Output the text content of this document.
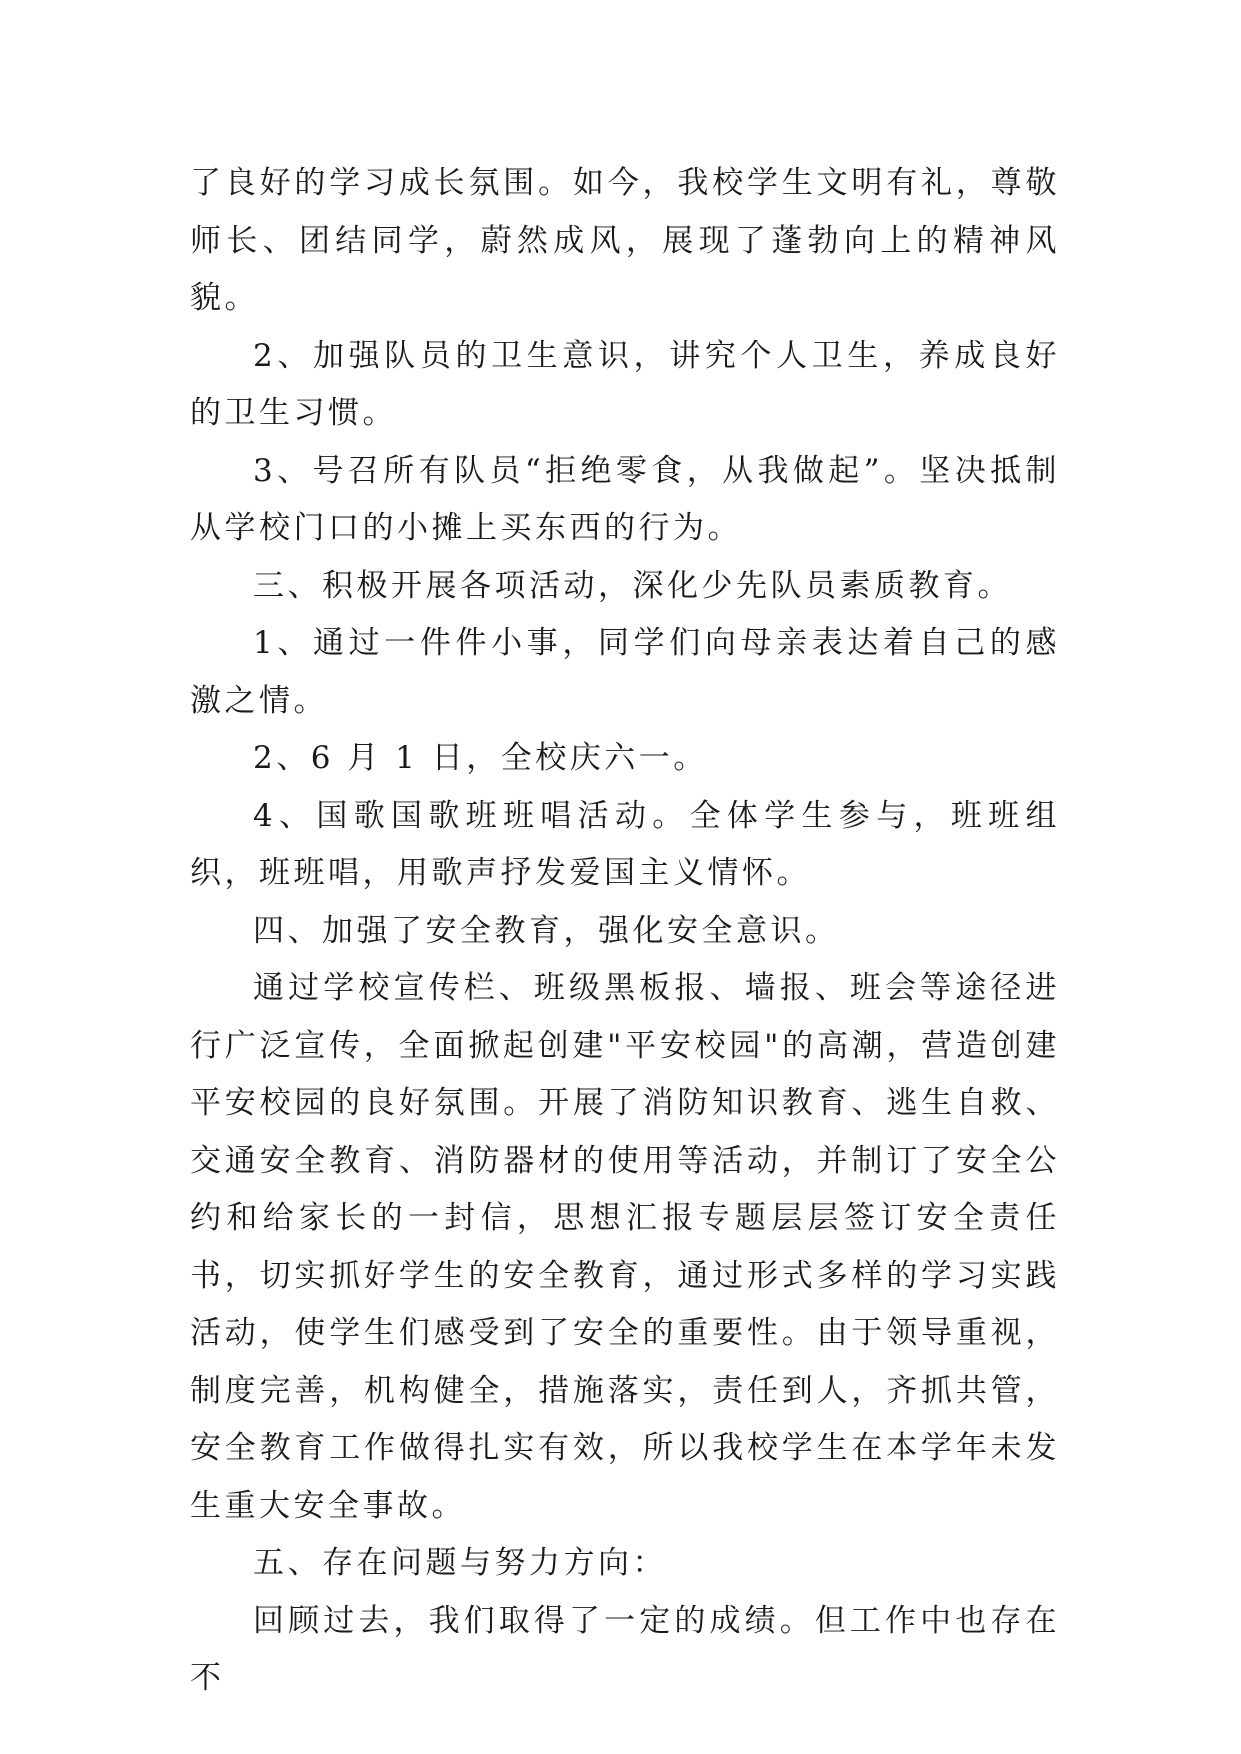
了良好的学习成长氛围。如今，我校学生文明有礼，尊敬师长、团结同学，蔚然成风，展现了蓬勃向上的精神风貌。

2、加强队员的卫生意识，讲究个人卫生，养成良好的卫生习惯。

3、号召所有队员“拒绝零食，从我做起”。坚决抵制从学校门口的小摊上买东西的行为。

三、积极开展各项活动，深化少先队员素质教育。

1、通过一件件小事，同学们向母亲表达着自己的感激之情。

2、6 月 1 日，全校庆六一。

4、国歌国歌班班唱活动。全体学生参与，班班组织，班班唱，用歌声抒发爱国主义情怀。

四、加强了安全教育，强化安全意识。

通过学校宣传栏、班级黑板报、墙报、班会等途径进行广泛宣传，全面掀起创建"平安校园"的高潮，营造创建平安校园的良好氛围。开展了消防知识教育、逃生自救、交通安全教育、消防器材的使用等活动，并制订了安全公约和给家长的一封信，思想汇报专题层层签订安全责任书，切实抓好学生的安全教育，通过形式多样的学习实践活动，使学生们感受到了安全的重要性。由于领导重视，制度完善，机构健全，措施落实，责任到人，齐抓共管，安全教育工作做得扎实有效，所以我校学生在本学年未发生重大安全事故。

五、存在问题与努力方向：

回顾过去，我们取得了一定的成绩。但工作中也存在不
